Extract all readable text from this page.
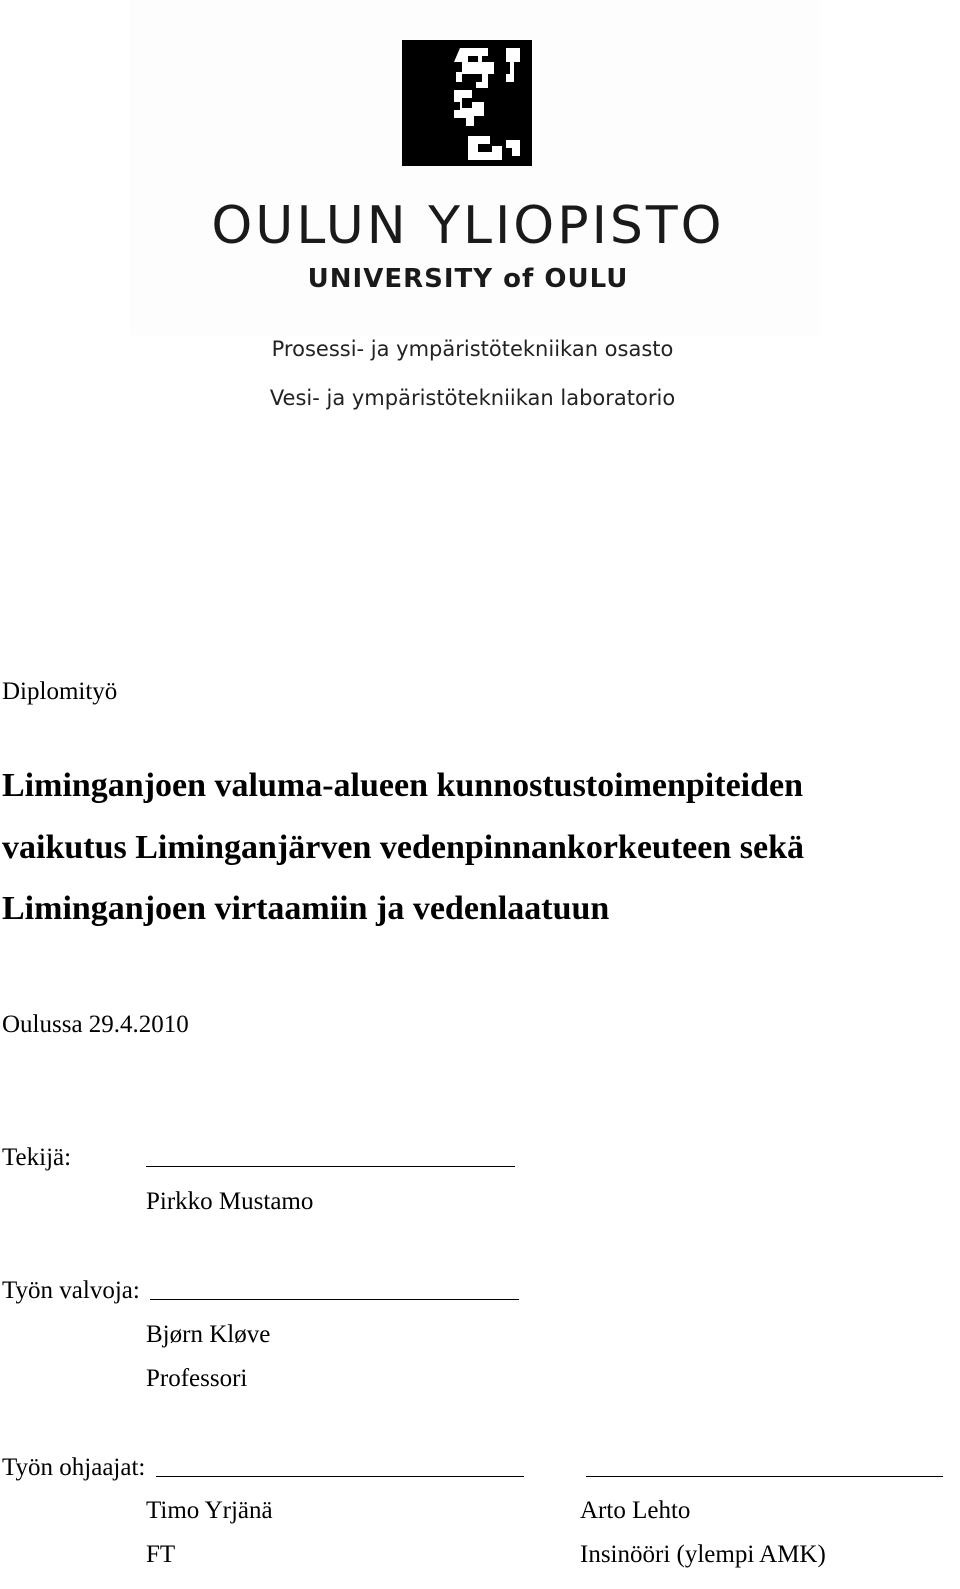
OULUN YLIOPISTO
UNIVERSITY of OULU
Prosessi- ja ympäristötekniikan osasto
Vesi- ja ympäristötekniikan laboratorio
Diplomityö
Liminganjoen valuma-alueen kunnostustoimenpiteiden
vaikutus Liminganjärven vedenpinnankorkeuteen sekä
Liminganjoen virtaamiin ja vedenlaatuun
Oulussa 29.4.2010
Tekijä:
Pirkko Mustamo
Työn valvoja:
Bjørn Kløve
Professori
Työn ohjaajat:
Timo Yrjänä
FT
Arto Lehto
Insinööri (ylempi AMK)
